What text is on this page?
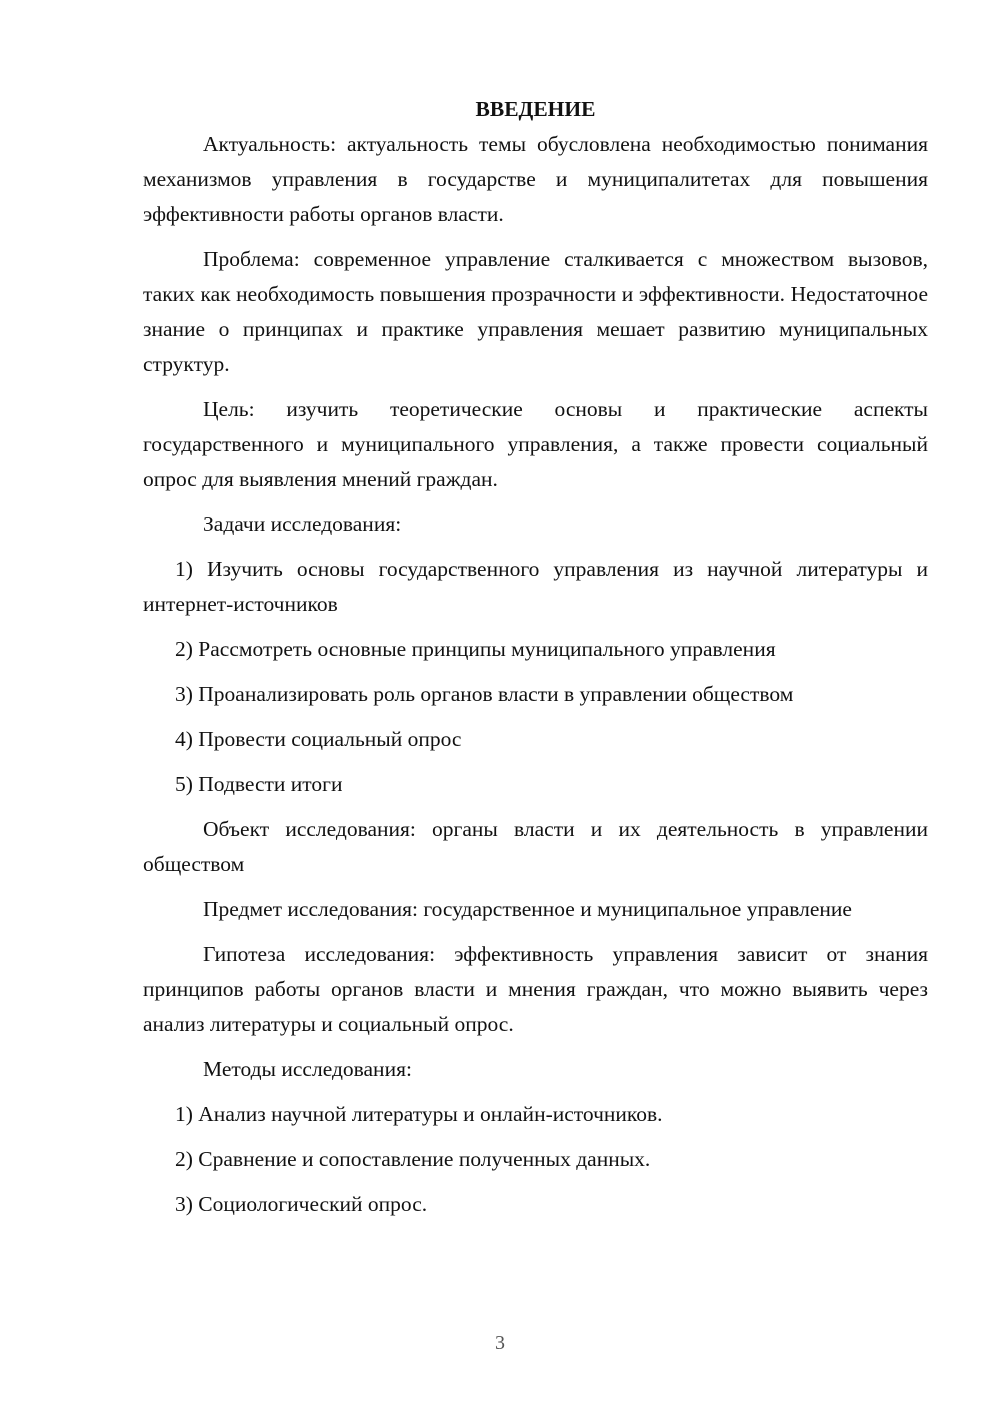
ВВЕДЕНИЕ

Актуальность: актуальность темы обусловлена необходимостью понимания механизмов управления в государстве и муниципалитетах для повышения эффективности работы органов власти.

Проблема: современное управление сталкивается с множеством вызовов, таких как необходимость повышения прозрачности и эффективности. Недостаточное знание о принципах и практике управления мешает развитию муниципальных структур.

Цель: изучить теоретические основы и практические аспекты государственного и муниципального управления, а также провести социальный опрос для выявления мнений граждан.

Задачи исследования:

1) Изучить основы государственного управления из научной литературы и интернет-источников

2) Рассмотреть основные принципы муниципального управления

3) Проанализировать роль органов власти в управлении обществом

4) Провести социальный опрос

5) Подвести итоги

Объект исследования: органы власти и их деятельность в управлении обществом

Предмет исследования: государственное и муниципальное управление

Гипотеза исследования: эффективность управления зависит от знания принципов работы органов власти и мнения граждан, что можно выявить через анализ литературы и социальный опрос.

Методы исследования:

1) Анализ научной литературы и онлайн-источников.

2) Сравнение и сопоставление полученных данных.

3) Социологический опрос.

3
